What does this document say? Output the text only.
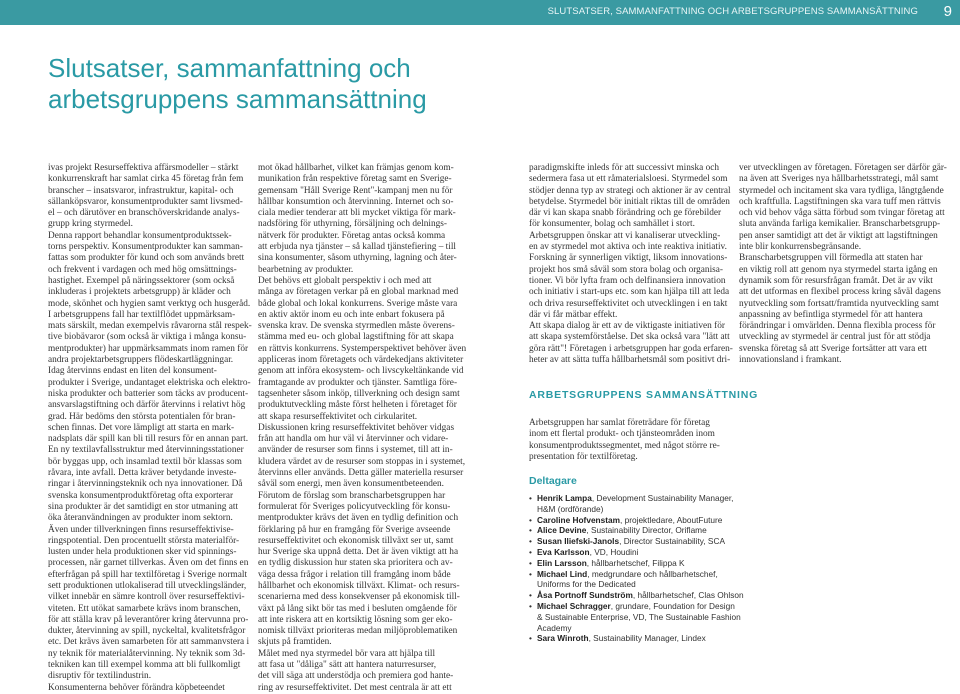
SLUTSATSER, SAMMANFATTNING OCH ARBETSGRUPPENS SAMMANSÄTTNING 9
Slutsatser, sammanfattning och
arbetsgruppens sammansättning
ivas projekt Resurseffektiva affärsmodeller – stärkt
konkurrenskraft har samlat cirka 45 företag från fem
branscher – insatsvaror, infrastruktur, kapital- och
sällanköpsvaror, konsumentprodukter samt livsmed-
el – och därutöver en branschöverskridande analys-
grupp kring styrmedel.
Denna rapport behandlar konsumentproduktssek-
torns perspektiv. Konsumentprodukter kan samman-
fattas som produkter för kund och som används brett
och frekvent i vardagen och med hög omsättnings-
hastighet. Exempel på näringssektorer (som också
inkluderas i projektets arbetsgrupp) är kläder och
mode, skönhet och hygien samt verktyg och husgeråd.
I arbetsgruppens fall har textilflödet uppmärksam-
mats särskilt, medan exempelvis råvarorna stål respek-
tive biobävaror (som också är viktiga i många konsu-
mentprodukter) har uppmärksammats inom ramen för
andra projektarbetsgruppers flödeskartläggningar.
Idag återvinns endast en liten del konsument-
produkter i Sverige, undantaget elektriska och elektro-
niska produkter och batterier som täcks av producent-
ansvarslagstiftning och därför återvinns i relativt hög
grad. Här bedöms den största potentialen för bran-
schen finnas. Det vore lämpligt att starta en mark-
nadsplats där spill kan bli till resurs för en annan part.
En ny textilavfallsstruktur med återvinningsstationer
bör byggas upp, och insamlad textil bör klassas som
råvara, inte avfall. Detta kräver betydande investe-
ringar i återvinningsteknik och nya innovationer. Då
svenska konsumentproduktföretag ofta exporterar
sina produkter är det samtidigt en stor utmaning att
öka återanvändningen av produkter inom sektorn.
Även under tillverkningen finns resurseffektivise-
ringspotential. Den procentuellt största materialför-
lusten under hela produktionen sker vid spinnings-
processen, när garnet tillverkas. Även om det finns en
efterfrågan på spill har textilföretag i Sverige normalt
sett produktionen utlokaliserad till utvecklingsländer,
vilket innebär en sämre kontroll över resurseffektivi-
viteten. Ett utökat samarbete krävs inom branschen,
för att ställa krav på leverantörer kring återvunna pro-
dukter, återvinning av spill, nyckeltal, kvalitetsfrågor
etc. Det krävs även samarbeten för att sammanvstera i
ny teknik för materialåtervinning. Ny teknik som 3d-
tekniken kan till exempel komma att bli fullkomligt
disruptiv för textilindustrin.
Konsumenterna behöver förändra köpbeteendet
mot ökad hållbarhet, vilket kan främjas genom kom-
munikation från respektive företag samt en Sverige-
gemensam "Håll Sverige Rent"-kampanj men nu för
hållbar konsumtion och återvinning. Internet och so-
ciala medier tenderar att bli mycket viktiga för mark-
nadsföring för uthyrning, försäljning och delnings-
nätverk för produkter. Företag antas också komma
att erbjuda nya tjänster – så kallad tjänstefiering – till
sina konsumenter, såsom uthyrning, lagning och åter-
bearbetning av produkter.
Det behövs ett globalt perspektiv i och med att
många av företagen verkar på en global marknad med
både global och lokal konkurrens. Sverige måste vara
en aktiv aktör inom eu och inte enbart fokusera på
svenska krav. De svenska styrmedlen måste överens-
stämma med eu- och global lagstiftning för att skapa
en rättvis konkurrens. Systemperspektivet behöver även
appliceras inom företagets och värdekedjans aktiviteter
genom att införa ekosystem- och livscykeltänkande vid
framtagande av produkter och tjänster. Samtliga före-
tagsenheter såsom inköp, tillverkning och design samt
produktutveckling måste först helheten i företaget för
att skapa resurseffektivitet och cirkularitet.
Diskussionen kring resurseffektivitet behöver vidgas
från att handla om hur väl vi återvinner och vidare-
använder de resurser som finns i systemet, till att in-
kludera värdet av de resurser som stoppas in i systemet,
återvinns eller används. Detta gäller materiella resurser
såväl som energi, men även konsumentbeteenden.
Förutom de förslag som branscharbetsgruppen har
formulerat för Sveriges policyutveckling för konsu-
mentprodukter krävs det även en tydlig definition och
förklaring på hur en framgång för Sverige avseende
resurseffektivitet och ekonomisk tillväxt ser ut, samt
hur Sverige ska uppnå detta. Det är även viktigt att ha
en tydlig diskussion hur staten ska prioritera och av-
väga dessa frågor i relation till framgång inom både
hållbarhet och ekonomisk tillväxt. Klimat- och resurs-
scenarierna med dess konsekvenser på ekonomisk till-
växt på lång sikt bör tas med i besluten omgående för
att inte riskera att en kortsiktig lösning som ger eko-
nomisk tillväxt prioriteras medan miljöproblematiken
skjuts på framtiden.
Målet med nya styrmedel bör vara att hjälpa till
att fasa ut "dåliga" sätt att hantera naturresurser,
det vill säga att understödja och premiera god hante-
ring av resurseffektivitet. Det mest centrala är att ett
paradigmskifte inleds för att successivt minska och
sedermera fasa ut ett råmaterialsloesi. Styrmedel som
stödjer denna typ av strategi och aktioner är av central
betydelse. Styrmedel bör initialt riktas till de områden
där vi kan skapa snabb förändring och ge förebilder
för konsumenter, bolag och samhället i stort.
Arbetsgruppen önskar att vi kanaliserar utveckling-
en av styrmedel mot aktiva och inte reaktiva initiativ.
Forskning är synnerligen viktigt, liksom innovations-
projekt hos små såväl som stora bolag och organisa-
tioner. Vi bör lyfta fram och delfinansiera innovation
och initiativ i start-ups etc. som kan hjälpa till att leda
och driva resurseffektivitet och utvecklingen i en takt
där vi får mätbar effekt.
Att skapa dialog är ett av de viktigaste initiativen för
att skapa systemförståelse. Det ska också vara "lätt att
göra rätt"! Företagen i arbetsgruppen har goda erfaren-
heter av att sätta tuffa hållbarhetsmål som positivt dri-
ver utvecklingen av företagen. Företagen ser därför gär-
na även att Sveriges nya hållbarhetsstrategi, mål samt
styrmedel och incitament ska vara tydliga, långtgående
och kraftfulla. Lagstiftningen ska vara tuff men rättvis
och vid behov våga sätta förbud som tvingar företag att
sluta använda farliga kemikalier. Branscharbetsgrupp-
pen anser samtidigt att det är viktigt att lagstiftningen
inte blir konkurrensbegränsande.
Branscharbetsgruppen vill förmedla att staten har
en viktig roll att genom nya styrmedel starta igång en
dynamik som för resursfrågan framåt. Det är av vikt
att det utformas en flexibel process kring såväl dagens
nyutveckling som fortsatt/framtida nyutveckling samt
anpassning av befintliga styrmedel för att hantera
förändringar i omvärlden. Denna flexibla process för
utveckling av styrmedel är central just för att stödja
svenska företag så att Sverige fortsätter att vara ett
innovationsland i framkant.
ARBETSGRUPPENS SAMMANSÄTTNING
Arbetsgruppen har samlat företrädare för företag
inom ett flertal produkt- och tjänsteområden inom
konsumentproduktssegmentet, med något större re-
presentation för textilföretag.
Deltagare
• Henrik Lampa, Development Sustainability Manager,
H&M (ordförande)
• Caroline Hofvenstam, projektledare, AboutFuture
• Alice Devine, Sustainability Director, Oriflame
• Susan Iliefski-Janols, Director Sustainability, SCA
• Eva Karlsson, VD, Houdini
• Elin Larsson, hållbarhetschef, Filippa K
• Michael Lind, medgrundare och hållbarhetschef,
Uniforms for the Dedicated
• Åsa Portnoff Sundström, hållbarhetschef, Clas Ohlson
• Michael Schragger, grundare, Foundation for Design
& Sustainable Enterprise, VD, The Sustainable Fashion
Academy
• Sara Winroth, Sustainability Manager, Lindex
